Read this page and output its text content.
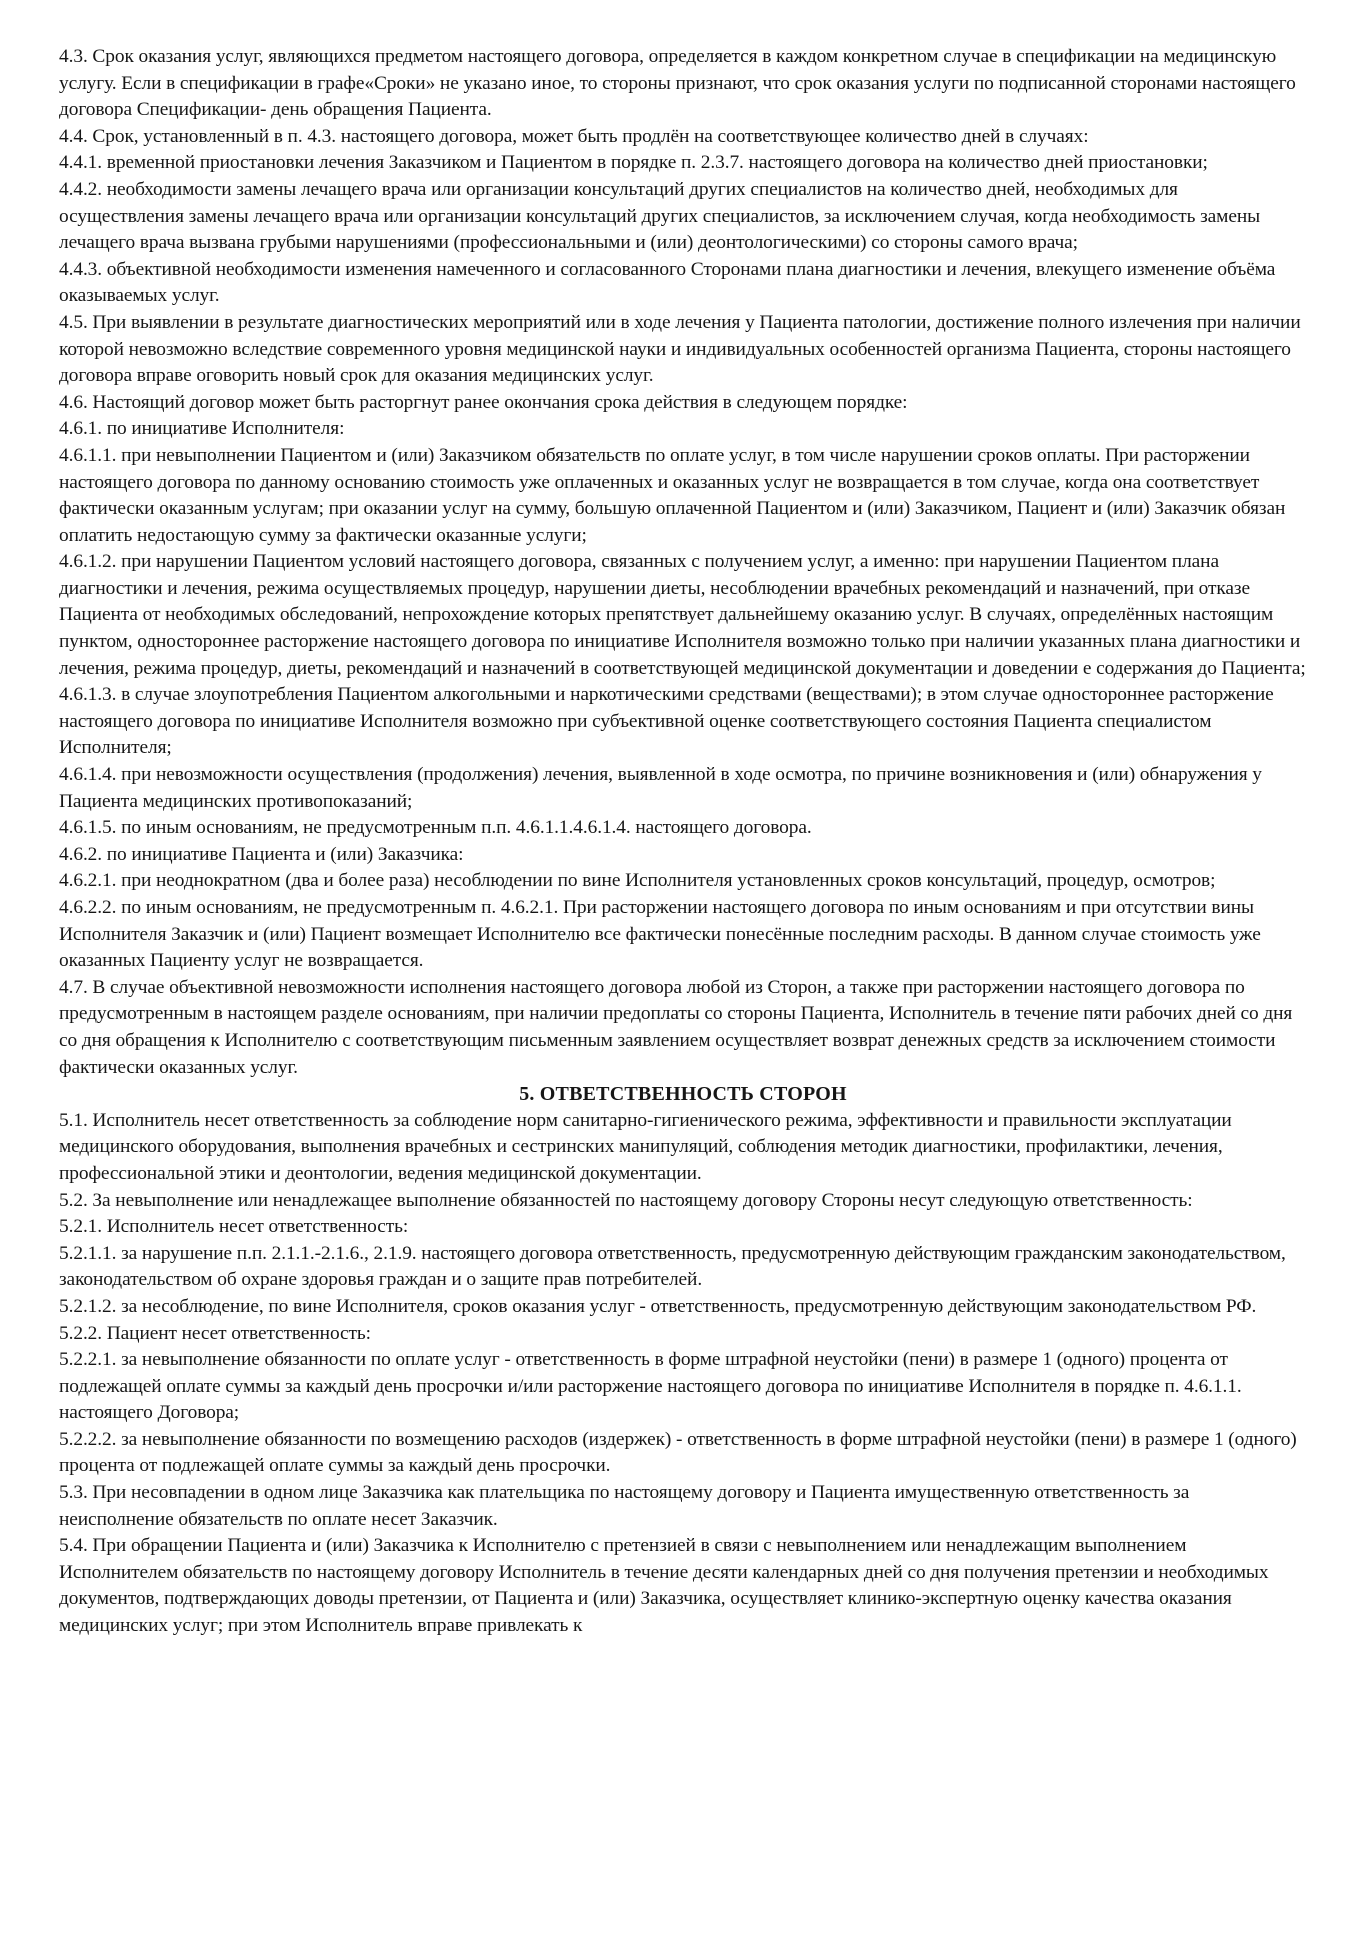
4.3. Срок оказания услуг, являющихся предметом настоящего договора, определяется в каждом конкретном случае в спецификации на медицинскую услугу. Если в спецификации в графе«Сроки» не указано иное, то стороны признают, что срок оказания услуги по подписанной сторонами настоящего договора Спецификации- день обращения Пациента.

4.4. Срок, установленный в п. 4.3. настоящего договора, может быть продлён на соответствующее количество дней в случаях:

4.4.1. временной приостановки лечения Заказчиком и Пациентом в порядке п. 2.3.7. настоящего договора на количество дней приостановки;

4.4.2. необходимости замены лечащего врача или организации консультаций других специалистов на количество дней, необходимых для осуществления замены лечащего врача или организации консультаций других специалистов, за исключением случая, когда необходимость замены лечащего врача вызвана грубыми нарушениями (профессиональными и (или) деонтологическими) со стороны самого врача;

4.4.3. объективной необходимости изменения намеченного и согласованного Сторонами плана диагностики и лечения, влекущего изменение объёма оказываемых услуг.

4.5. При выявлении в результате диагностических мероприятий или в ходе лечения у Пациента патологии, достижение полного излечения при наличии которой невозможно вследствие современного уровня медицинской науки и индивидуальных особенностей организма Пациента, стороны настоящего договора вправе оговорить новый срок для оказания медицинских услуг.

4.6. Настоящий договор может быть расторгнут ранее окончания срока действия в следующем порядке:

4.6.1. по инициативе Исполнителя:

4.6.1.1. при невыполнении Пациентом и (или) Заказчиком обязательств по оплате услуг, в том числе нарушении сроков оплаты. При расторжении настоящего договора по данному основанию стоимость уже оплаченных и оказанных услуг не возвращается в том случае, когда она соответствует фактически оказанным услугам; при оказании услуг на сумму, большую оплаченной Пациентом и (или) Заказчиком, Пациент и (или) Заказчик обязан оплатить недостающую сумму за фактически оказанные услуги;

4.6.1.2. при нарушении Пациентом условий настоящего договора, связанных с получением услуг, а именно: при нарушении Пациентом плана диагностики и лечения, режима осуществляемых процедур, нарушении диеты, несоблюдении врачебных рекомендаций и назначений, при отказе Пациента от необходимых обследований, непрохождение которых препятствует дальнейшему оказанию услуг. В случаях, определённых настоящим пунктом, одностороннее расторжение настоящего договора по инициативе Исполнителя возможно только при наличии указанных плана диагностики и лечения, режима процедур, диеты, рекомендаций и назначений в соответствующей медицинской документации и доведении е содержания до Пациента;

4.6.1.3. в случае злоупотребления Пациентом алкогольными и наркотическими средствами (веществами); в этом случае одностороннее расторжение настоящего договора по инициативе Исполнителя возможно при субъективной оценке соответствующего состояния Пациента специалистом Исполнителя;

4.6.1.4. при невозможности осуществления (продолжения) лечения, выявленной в ходе осмотра, по причине возникновения и (или) обнаружения у Пациента медицинских противопоказаний;

4.6.1.5. по иным основаниям, не предусмотренным п.п. 4.6.1.1.4.6.1.4. настоящего договора.

4.6.2. по инициативе Пациента и (или) Заказчика:

4.6.2.1. при неоднократном (два и более раза) несоблюдении по вине Исполнителя установленных сроков консультаций, процедур, осмотров;

4.6.2.2. по иным основаниям, не предусмотренным п. 4.6.2.1. При расторжении настоящего договора по иным основаниям и при отсутствии вины Исполнителя Заказчик и (или) Пациент возмещает Исполнителю все фактически понесённые последним расходы. В данном случае стоимость уже оказанных Пациенту услуг не возвращается.

4.7. В случае объективной невозможности исполнения настоящего договора любой из Сторон, а также при расторжении настоящего договора по предусмотренным в настоящем разделе основаниям, при наличии предоплаты со стороны Пациента, Исполнитель в течение пяти рабочих дней со дня со дня обращения к Исполнителю с соответствующим письменным заявлением осуществляет возврат денежных средств за исключением стоимости фактически оказанных услуг.

5. ОТВЕТСТВЕННОСТЬ СТОРОН

5.1. Исполнитель несет ответственность за соблюдение норм санитарно-гигиенического режима, эффективности и правильности эксплуатации медицинского оборудования, выполнения врачебных и сестринских манипуляций, соблюдения методик диагностики, профилактики, лечения, профессиональной этики и деонтологии, ведения медицинской документации.

5.2. За невыполнение или ненадлежащее выполнение обязанностей по настоящему договору Стороны несут следующую ответственность:

5.2.1. Исполнитель несет ответственность:

5.2.1.1. за нарушение п.п. 2.1.1.-2.1.6., 2.1.9. настоящего договора ответственность, предусмотренную действующим гражданским законодательством, законодательством об охране здоровья граждан и о защите прав потребителей.

5.2.1.2. за несоблюдение, по вине Исполнителя, сроков оказания услуг - ответственность, предусмотренную действующим законодательством РФ.

5.2.2. Пациент несет ответственность:

5.2.2.1. за невыполнение обязанности по оплате услуг - ответственность в форме штрафной неустойки (пени) в размере 1 (одного) процента от подлежащей оплате суммы за каждый день просрочки и/или расторжение настоящего договора по инициативе Исполнителя в порядке п. 4.6.1.1. настоящего Договора;

5.2.2.2. за невыполнение обязанности по возмещению расходов (издержек) - ответственность в форме штрафной неустойки (пени) в размере 1 (одного) процента от подлежащей оплате суммы за каждый день просрочки.

5.3. При несовпадении в одном лице Заказчика как плательщика по настоящему договору и Пациента имущественную ответственность за неисполнение обязательств по оплате несет Заказчик.

5.4. При обращении Пациента и (или) Заказчика к Исполнителю с претензией в связи с невыполнением или ненадлежащим выполнением Исполнителем обязательств по настоящему договору Исполнитель в течение десяти календарных дней со дня получения претензии и необходимых документов, подтверждающих доводы претензии, от Пациента и (или) Заказчика, осуществляет клинико-экспертную оценку качества оказания медицинских услуг; при этом Исполнитель вправе привлекать к
